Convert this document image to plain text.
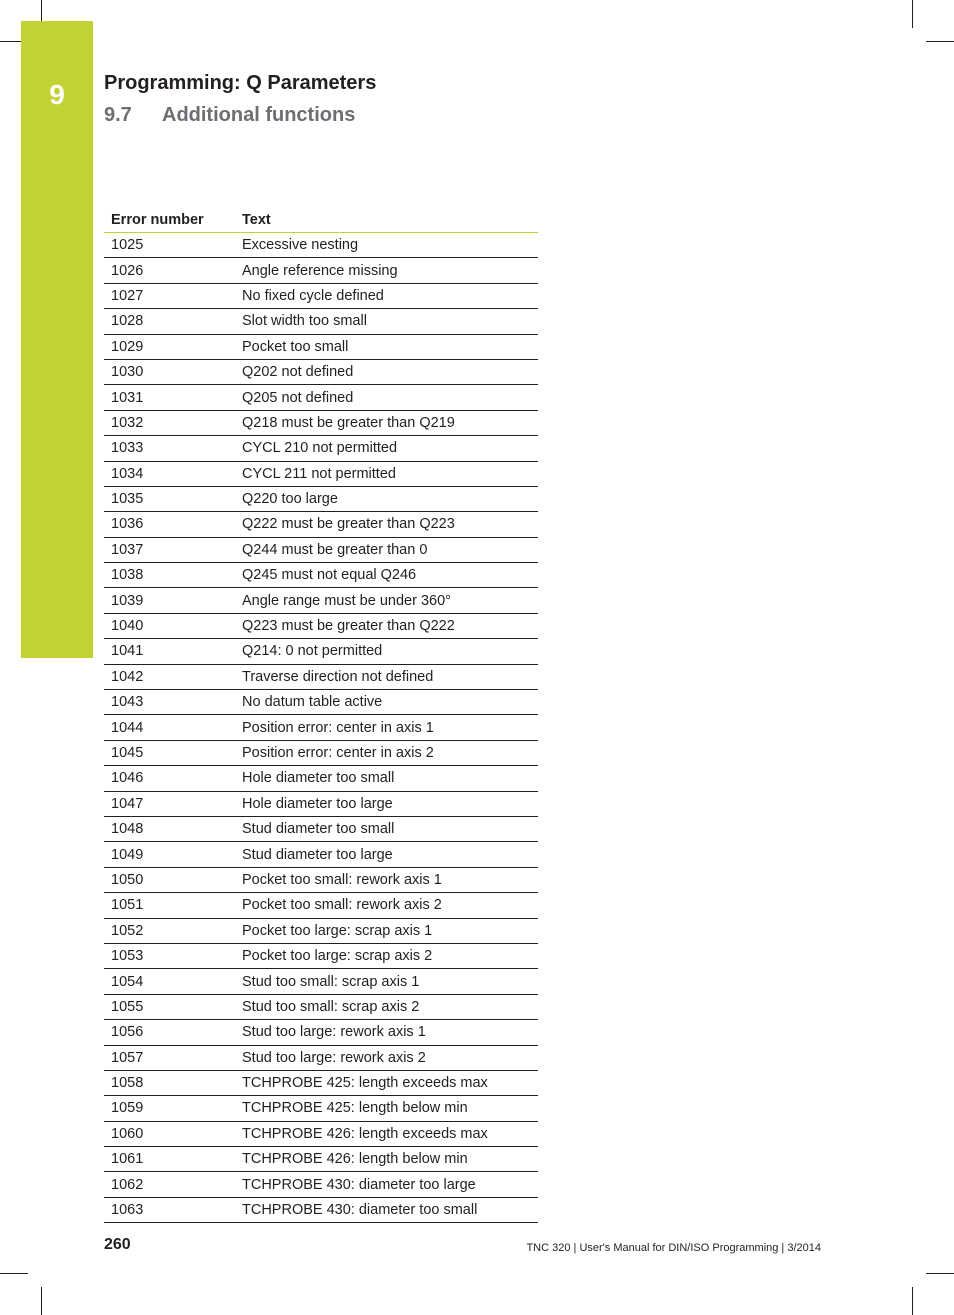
9	Programming: Q Parameters
9.7 Additional functions
Error number	Text
1025	Excessive nesting
1026	Angle reference missing
1027	No fixed cycle defined
1028	Slot width too small
1029	Pocket too small
1030	Q202 not defined
1031	Q205 not defined
1032	Q218 must be greater than Q219
1033	CYCL 210 not permitted
1034	CYCL 211 not permitted
1035	Q220 too large
1036	Q222 must be greater than Q223
1037	Q244 must be greater than 0
1038	Q245 must not equal Q246
1039	Angle range must be under 360°
1040	Q223 must be greater than Q222
1041	Q214: 0 not permitted
1042	Traverse direction not defined
1043	No datum table active
1044	Position error: center in axis 1
1045	Position error: center in axis 2
1046	Hole diameter too small
1047	Hole diameter too large
1048	Stud diameter too small
1049	Stud diameter too large
1050	Pocket too small: rework axis 1
1051	Pocket too small: rework axis 2
1052	Pocket too large: scrap axis 1
1053	Pocket too large: scrap axis 2
1054	Stud too small: scrap axis 1
1055	Stud too small: scrap axis 2
1056	Stud too large: rework axis 1
1057	Stud too large: rework axis 2
1058	TCHPROBE 425: length exceeds max
1059	TCHPROBE 425: length below min
1060	TCHPROBE 426: length exceeds max
1061	TCHPROBE 426: length below min
1062	TCHPROBE 430: diameter too large
1063	TCHPROBE 430: diameter too small
260	TNC 320 | User's Manual for DIN/ISO Programming | 3/2014
